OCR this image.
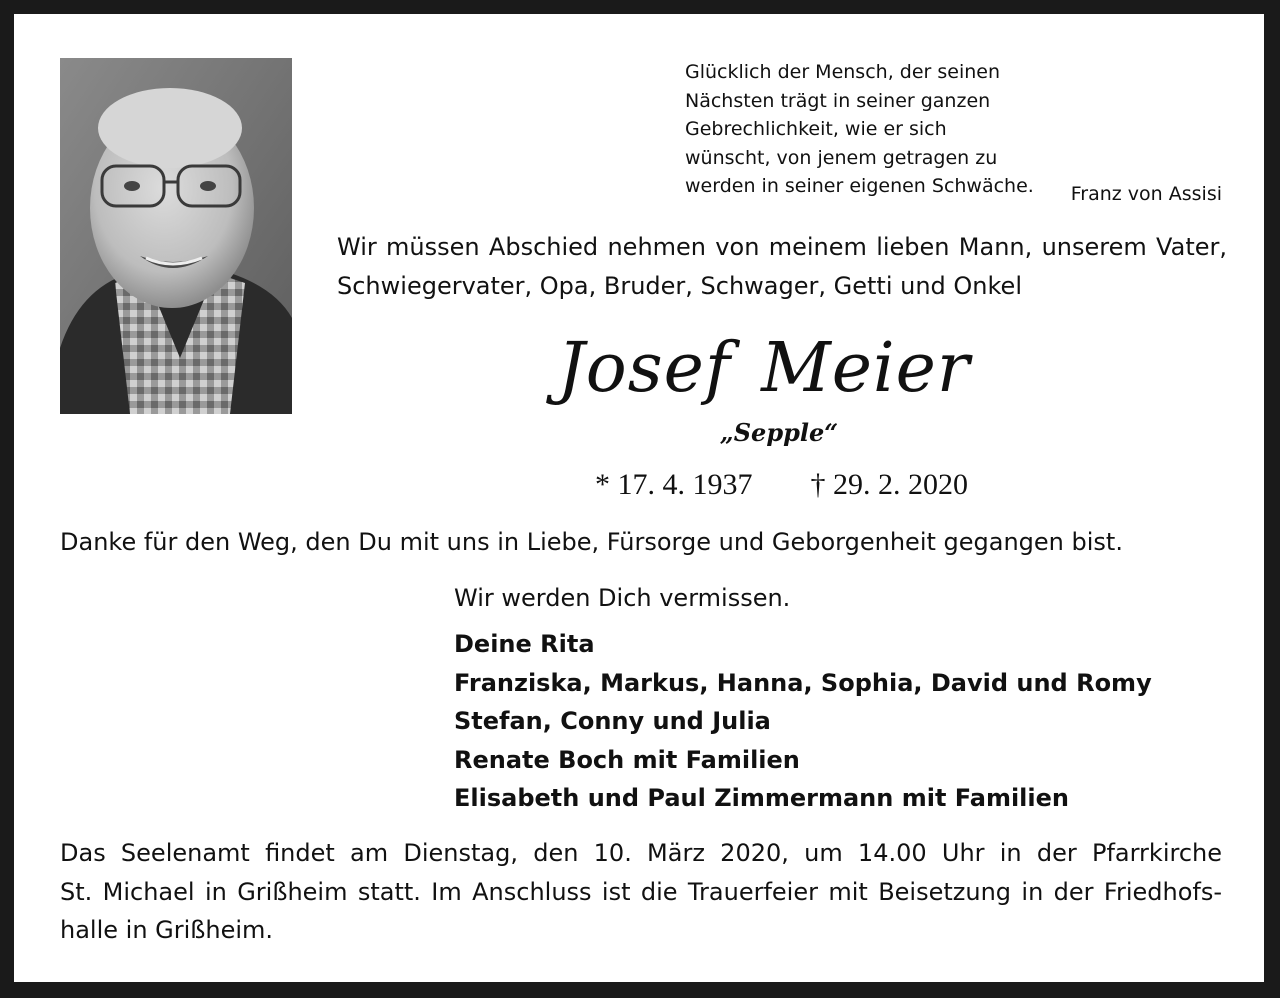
Glücklich der Mensch, der seinen
Nächsten trägt in seiner ganzen
Gebrechlichkeit, wie er sich
wünscht, von jenem getragen zu
werden in seiner eigenen Schwäche.	Franz von Assisi
Wir müssen Abschied nehmen von meinem lieben Mann, unserem Vater,
Schwiegervater, Opa, Bruder, Schwager, Getti und Onkel
Josef Meier
„Sepple“
* 17. 4. 1937 † 29. 2. 2020
Danke für den Weg, den Du mit uns in Liebe, Fürsorge und Geborgenheit gegangen bist.
Wir werden Dich vermissen.
Deine Rita
Franziska, Markus, Hanna, Sophia, David und Romy
Stefan, Conny und Julia
Renate Boch mit Familien
Elisabeth und Paul Zimmermann mit Familien
Das Seelenamt findet am Dienstag, den 10. März 2020, um 14.00 Uhr in der Pfarrkirche
St. Michael in Grißheim statt. Im Anschluss ist die Trauerfeier mit Beisetzung in der Friedhofs-
halle in Grißheim.
